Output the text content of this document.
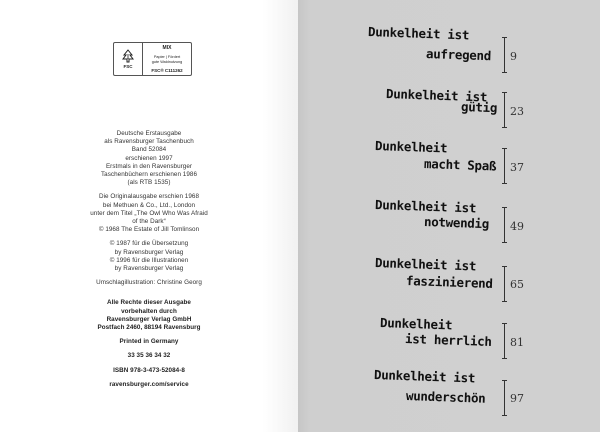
FSC
MIX
Papier | Fördert
gute Waldnutzung
FSC® C111262

Deutsche Erstausgabe

als Ravensburger Taschenbuch

Band 52084

erschienen 1997

Erstmals in den Ravensburger

Taschenbüchern erschienen 1986

(als RTB 1535)

Die Originalausgabe erschien 1968

bei Methuen & Co., Ltd., London

unter dem Titel „The Owl Who Was Afraid

of the Dark“

© 1968 The Estate of Jill Tomlinson

© 1987 für die Übersetzung

by Ravensburger Verlag

© 1996 für die Illustrationen

by Ravensburger Verlag

Umschlagillustration: Christine Georg

Alle Rechte dieser Ausgabe

vorbehalten durch

Ravensburger Verlag GmbH

Postfach 2460, 88194 Ravensburg

Printed in Germany

33 35 36 34 32

ISBN 978-3-473-52084-8

ravensburger.com/service

Dunkelheit ist
aufregend 9
Dunkelheit ist
gütig 23
Dunkelheit
macht Spaß 37
Dunkelheit ist
notwendig 49
Dunkelheit ist
faszinierend 65
Dunkelheit
ist herrlich 81
Dunkelheit ist
wunderschön 97
